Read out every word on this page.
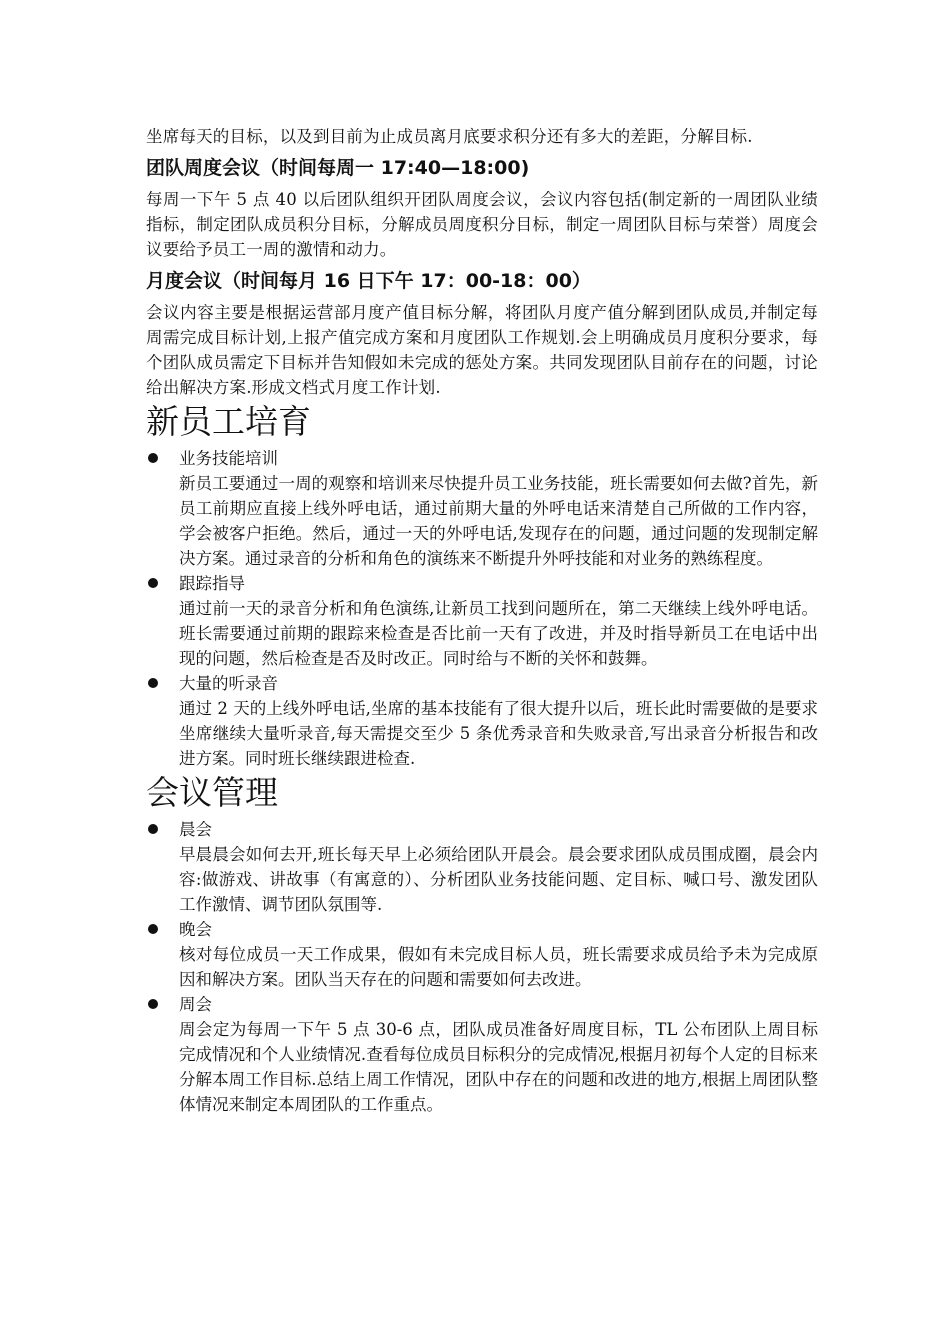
坐席每天的目标，以及到目前为止成员离月底要求积分还有多大的差距，分解目标.

团队周度会议（时间每周一 17:40—18:00)

每周一下午 5 点 40 以后团队组织开团队周度会议，会议内容包括(制定新的一周团队业绩指标，制定团队成员积分目标，分解成员周度积分目标，制定一周团队目标与荣誉）周度会议要给予员工一周的激情和动力。

月度会议（时间每月 16 日下午 17：00-18：00）

会议内容主要是根据运营部月度产值目标分解，将团队月度产值分解到团队成员,并制定每周需完成目标计划,上报产值完成方案和月度团队工作规划.会上明确成员月度积分要求，每个团队成员需定下目标并告知假如未完成的惩处方案。共同发现团队目前存在的问题，讨论给出解决方案.形成文档式月度工作计划.

新员工培育
业务技能培训
新员工要通过一周的观察和培训来尽快提升员工业务技能，班长需要如何去做?首先，新员工前期应直接上线外呼电话，通过前期大量的外呼电话来清楚自己所做的工作内容，学会被客户拒绝。然后，通过一天的外呼电话,发现存在的问题，通过问题的发现制定解决方案。通过录音的分析和角色的演练来不断提升外呼技能和对业务的熟练程度。
跟踪指导
通过前一天的录音分析和角色演练,让新员工找到问题所在，第二天继续上线外呼电话。班长需要通过前期的跟踪来检查是否比前一天有了改进，并及时指导新员工在电话中出现的问题，然后检查是否及时改正。同时给与不断的关怀和鼓舞。
大量的听录音
通过 2 天的上线外呼电话,坐席的基本技能有了很大提升以后，班长此时需要做的是要求坐席继续大量听录音,每天需提交至少 5 条优秀录音和失败录音,写出录音分析报告和改进方案。同时班长继续跟进检查.
会议管理
晨会
早晨晨会如何去开,班长每天早上必须给团队开晨会。晨会要求团队成员围成圈，晨会内容:做游戏、讲故事（有寓意的）、分析团队业务技能问题、定目标、喊口号、激发团队工作激情、调节团队氛围等.
晚会
核对每位成员一天工作成果，假如有未完成目标人员，班长需要求成员给予未为完成原因和解决方案。团队当天存在的问题和需要如何去改进。
周会
周会定为每周一下午 5 点 30-6 点，团队成员准备好周度目标，TL 公布团队上周目标完成情况和个人业绩情况.查看每位成员目标积分的完成情况,根据月初每个人定的目标来分解本周工作目标.总结上周工作情况，团队中存在的问题和改进的地方,根据上周团队整体情况来制定本周团队的工作重点。
